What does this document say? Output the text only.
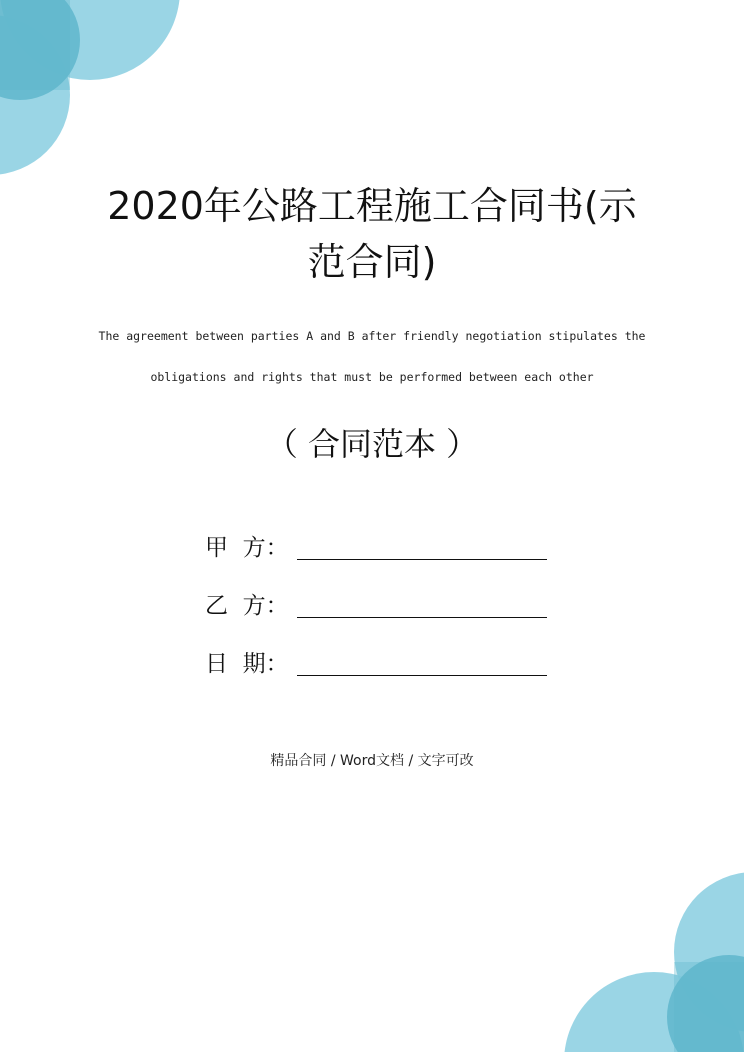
2020年公路工程施工合同书(示
范合同)
The agreement between parties A and B after friendly negotiation stipulates the
obligations and rights that must be performed between each other
（ 合同范本 ）
甲  方：
乙  方：
日  期：
精品合同 / Word文档 / 文字可改
